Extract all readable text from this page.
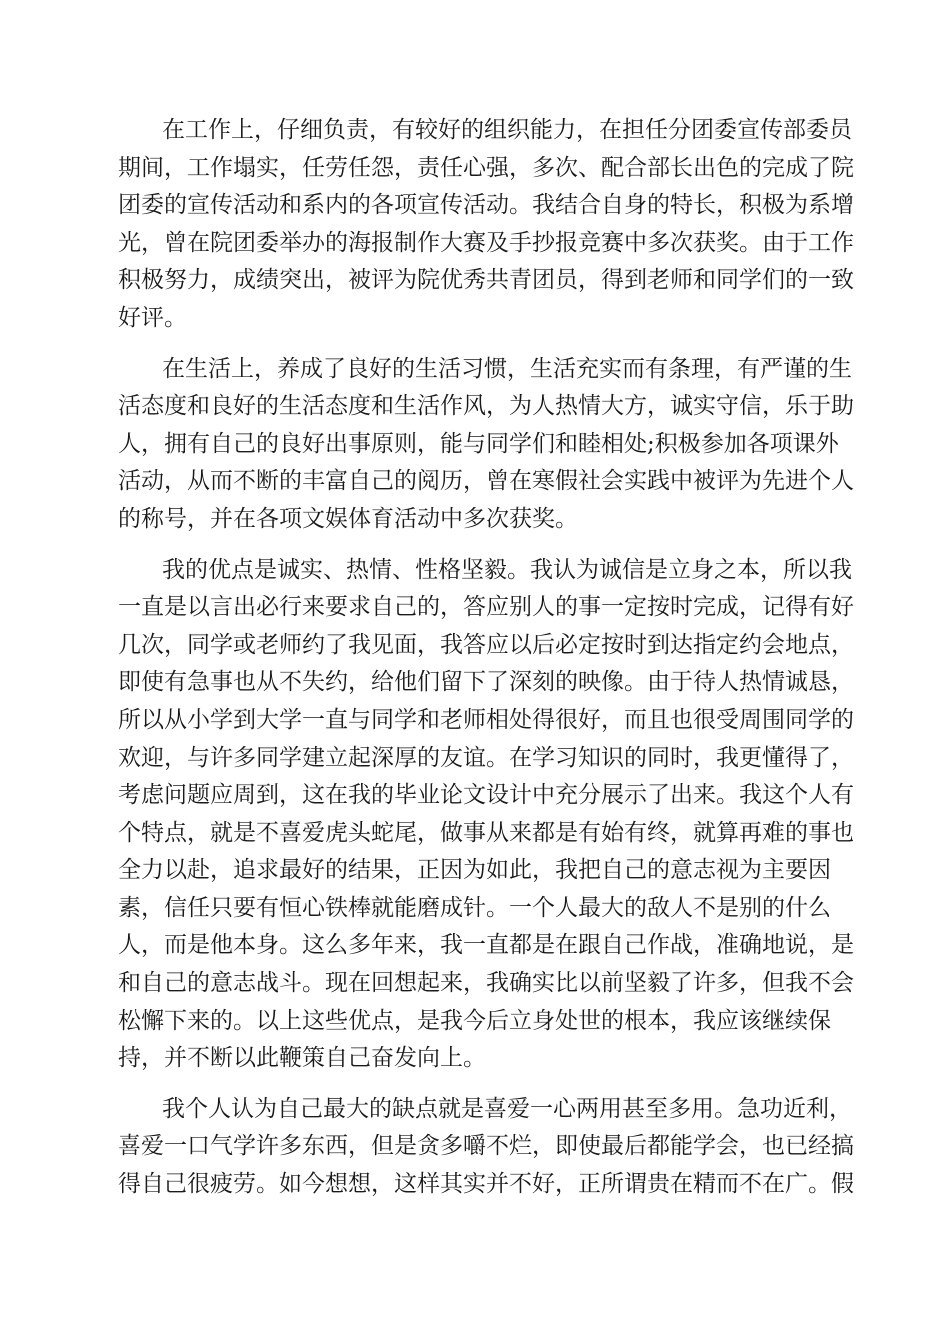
在工作上，仔细负责，有较好的组织能力，在担任分团委宣传部委员
期间，工作塌实，任劳任怨，责任心强，多次、配合部长出色的完成了院
团委的宣传活动和系内的各项宣传活动。我结合自身的特长，积极为系增
光，曾在院团委举办的海报制作大赛及手抄报竞赛中多次获奖。由于工作
积极努力，成绩突出，被评为院优秀共青团员，得到老师和同学们的一致
好评。

在生活上，养成了良好的生活习惯，生活充实而有条理，有严谨的生
活态度和良好的生活态度和生活作风，为人热情大方，诚实守信，乐于助
人，拥有自己的良好出事原则，能与同学们和睦相处;积极参加各项课外
活动，从而不断的丰富自己的阅历，曾在寒假社会实践中被评为先进个人
的称号，并在各项文娱体育活动中多次获奖。

我的优点是诚实、热情、性格坚毅。我认为诚信是立身之本，所以我
一直是以言出必行来要求自己的，答应别人的事一定按时完成，记得有好
几次，同学或老师约了我见面，我答应以后必定按时到达指定约会地点，
即使有急事也从不失约，给他们留下了深刻的映像。由于待人热情诚恳，
所以从小学到大学一直与同学和老师相处得很好，而且也很受周围同学的
欢迎，与许多同学建立起深厚的友谊。在学习知识的同时，我更懂得了，
考虑问题应周到，这在我的毕业论文设计中充分展示了出来。我这个人有
个特点，就是不喜爱虎头蛇尾，做事从来都是有始有终，就算再难的事也
全力以赴，追求最好的结果，正因为如此，我把自己的意志视为主要因
素，信任只要有恒心铁棒就能磨成针。一个人最大的敌人不是别的什么
人，而是他本身。这么多年来，我一直都是在跟自己作战，准确地说，是
和自己的意志战斗。现在回想起来，我确实比以前坚毅了许多，但我不会
松懈下来的。以上这些优点，是我今后立身处世的根本，我应该继续保
持，并不断以此鞭策自己奋发向上。

我个人认为自己最大的缺点就是喜爱一心两用甚至多用。急功近利，
喜爱一口气学许多东西，但是贪多嚼不烂，即使最后都能学会，也已经搞
得自己很疲劳。如今想想，这样其实并不好，正所谓贵在精而不在广。假
